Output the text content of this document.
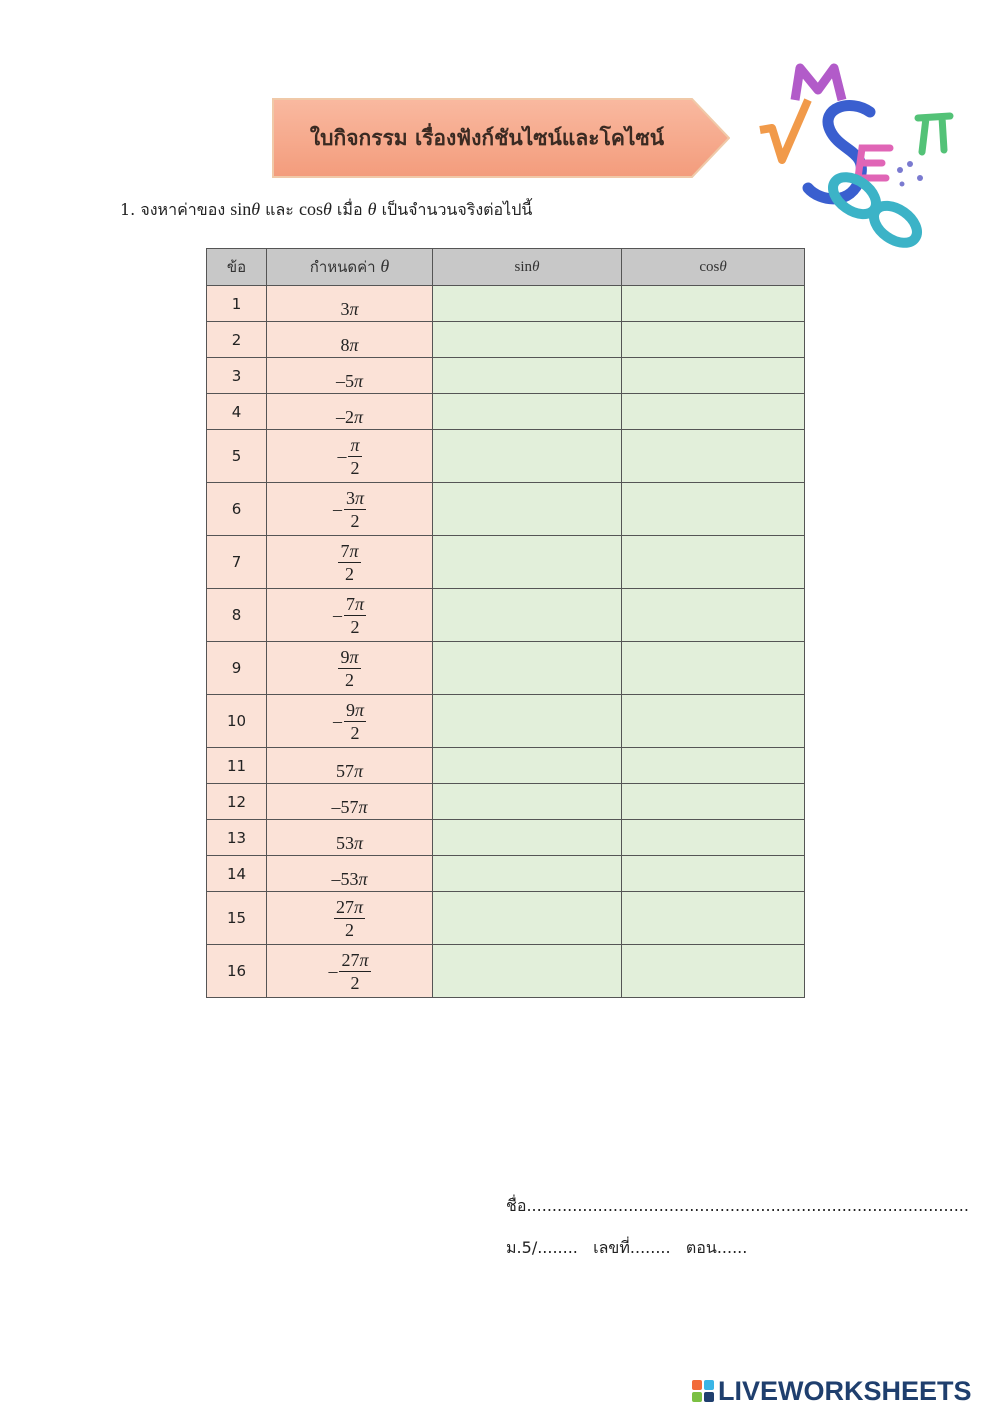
ใบกิจกรรม เรื่องฟังก์ชันไซน์และโคไซน์
1. จงหาค่าของ sinθ และ cosθ เมื่อ θ เป็นจำนวนจริงต่อไปนี้
ข้อ	กำหนดค่า θ	sinθ	cosθ
1	3π		
2	8π		
3	–5π		
4	–2π		
5	– $\frac{\pi}{2}$

6	– $\frac{3\pi}{2}$

7	$\frac{7\pi}{2}$

8	– $\frac{7\pi}{2}$

9	$\frac{9\pi}{2}$

10	– $\frac{9\pi}{2}$

11	57π		
12	–57π		
13	53π		
14	–53π		
15	$\frac{27\pi}{2}$

16	– $\frac{27\pi}{2}$

ชื่อ.......................................................................................
ม.5/........ เลขที่........ ตอน......
LIVEWORKSHEETS
